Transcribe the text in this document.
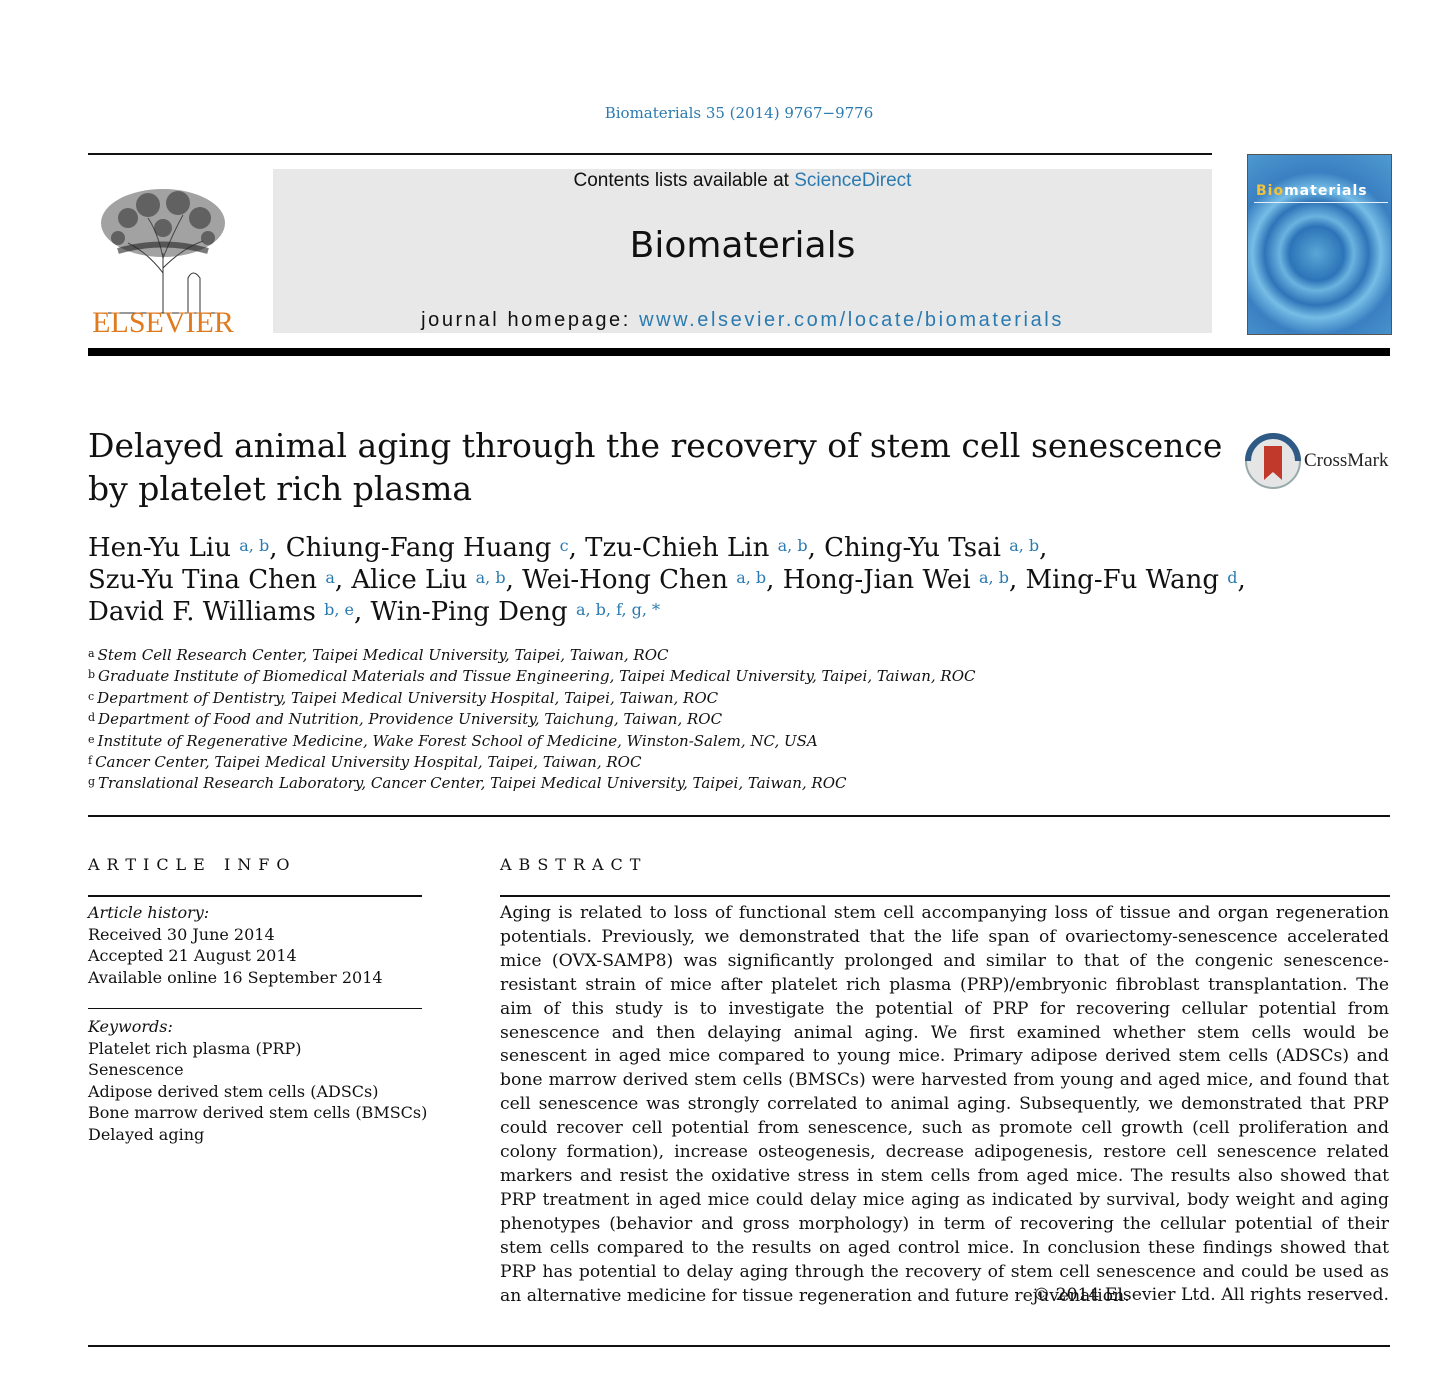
Biomaterials 35 (2014) 9767−9776
ELSEVIER
Contents lists available at ScienceDirect
Biomaterials
journal homepage: www.elsevier.com/locate/biomaterials
Biomaterials
Delayed animal aging through the recovery of stem cell senescence by platelet rich plasma
CrossMark
Hen-Yu Liu $^{a, b}$, Chiung-Fang Huang $^c$, Tzu-Chieh Lin $^{a, b}$, Ching-Yu Tsai $^{a, b}$,
Szu-Yu Tina Chen $^a$, Alice Liu $^{a, b}$, Wei-Hong Chen $^{a, b}$, Hong-Jian Wei $^{a, b}$, Ming-Fu Wang $^d$,
David F. Williams $^{b, e}$, Win-Ping Deng $^{a, b, f, g, *}$
$^a$ Stem Cell Research Center, Taipei Medical University, Taipei, Taiwan, ROC
$^b$ Graduate Institute of Biomedical Materials and Tissue Engineering, Taipei Medical University, Taipei, Taiwan, ROC
$^c$ Department of Dentistry, Taipei Medical University Hospital, Taipei, Taiwan, ROC
$^d$ Department of Food and Nutrition, Providence University, Taichung, Taiwan, ROC
$^e$ Institute of Regenerative Medicine, Wake Forest School of Medicine, Winston-Salem, NC, USA
$^f$ Cancer Center, Taipei Medical University Hospital, Taipei, Taiwan, ROC
$^g$ Translational Research Laboratory, Cancer Center, Taipei Medical University, Taipei, Taiwan, ROC
ARTICLE INFO
Article history:
Received 30 June 2014
Accepted 21 August 2014
Available online 16 September 2014
Keywords:
Platelet rich plasma (PRP)
Senescence
Adipose derived stem cells (ADSCs)
Bone marrow derived stem cells (BMSCs)
Delayed aging
ABSTRACT
Aging is related to loss of functional stem cell accompanying loss of tissue and organ regeneration potentials. Previously, we demonstrated that the life span of ovariectomy-senescence accelerated mice (OVX-SAMP8) was significantly prolonged and similar to that of the congenic senescence-resistant strain of mice after platelet rich plasma (PRP)/embryonic fibroblast transplantation. The aim of this study is to investigate the potential of PRP for recovering cellular potential from senescence and then delaying animal aging. We first examined whether stem cells would be senescent in aged mice compared to young mice. Primary adipose derived stem cells (ADSCs) and bone marrow derived stem cells (BMSCs) were harvested from young and aged mice, and found that cell senescence was strongly correlated to animal aging. Subsequently, we demonstrated that PRP could recover cell potential from senescence, such as promote cell growth (cell proliferation and colony formation), increase osteogenesis, decrease adipogenesis, restore cell senescence related markers and resist the oxidative stress in stem cells from aged mice. The results also showed that PRP treatment in aged mice could delay mice aging as indicated by survival, body weight and aging phenotypes (behavior and gross morphology) in term of recovering the cellular potential of their stem cells compared to the results on aged control mice. In conclusion these findings showed that PRP has potential to delay aging through the recovery of stem cell senescence and could be used as an alternative medicine for tissue regeneration and future rejuvenation.
© 2014 Elsevier Ltd. All rights reserved.
